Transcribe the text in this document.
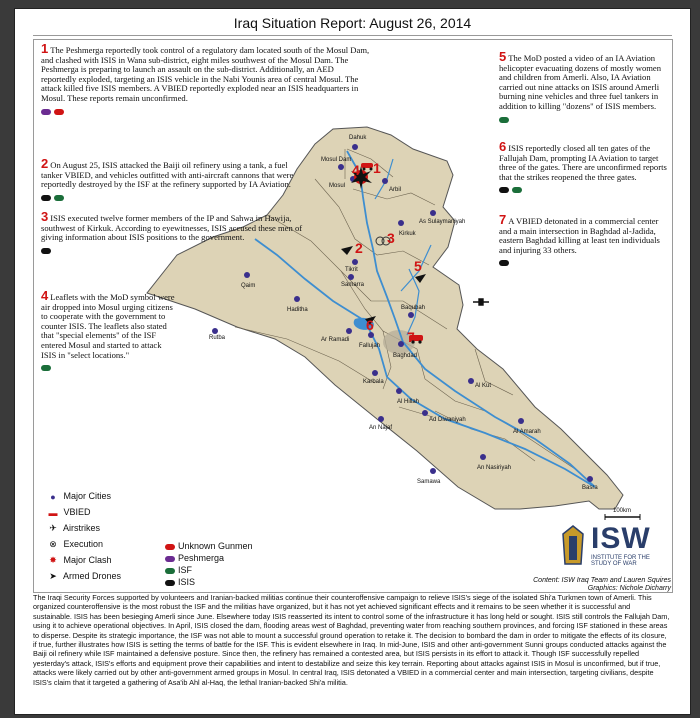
Iraq Situation Report: August 26, 2014
Dahuk
Mosul Dam
Mosul
Arbil
As Sulaymaniyah
Kirkuk
Tikrit
Samarra
Baqubah
Qaim
Haditha
Ar Ramadi
Fallujah
Baghdad
Rutba
Karbala
Al Hillah
Al Kut
An Najaf
Ad Diwaniyah
Al Amarah
Samawa
An Nasiriyah
Basra
1
2
3
4
5
6
7
100km
1 The Peshmerga reportedly took control of a regulatory dam located south of the Mosul Dam, and clashed with ISIS in Wana sub-district, eight miles southwest of the Mosul Dam. The Peshmerga is preparing to launch an assault on the sub-district. Additionally, an AED reportedly exploded, targeting an ISIS vehicle in the Nabi Younis area of central Mosul. The attack killed five ISIS members. A VBIED reportedly exploded near an ISIS headquarters in Mosul. These reports remain unconfirmed.
2 On August 25, ISIS attacked the Baiji oil refinery using a tank, a fuel tanker VBIED, and vehicles outfitted with anti-aircraft cannons that were reportedly destroyed by the ISF at the refinery supported by IA Aviation.
3 ISIS executed twelve former members of the IP and Sahwa in Hawija, southwest of Kirkuk. According to eyewitnesses, ISIS accused these men of giving information about ISIS positions to the government.
4 Leaflets with the MoD symbol were air dropped into Mosul urging citizens to cooperate with the government to counter ISIS. The leaflets also stated that "special elements" of the ISF entered Mosul and started to attack ISIS in "select locations."
5 The MoD posted a video of an IA Aviation helicopter evacuating dozens of mostly women and children from Amerli. Also, IA Aviation carried out nine attacks on ISIS around Amerli burning nine vehicles and three fuel tankers in addition to killing "dozens" of ISIS members.
6 ISIS reportedly closed all ten gates of the Fallujah Dam, prompting IA Aviation to target three of the gates. There are unconfirmed reports that the strikes reopened the three gates.
7 A VBIED detonated in a commercial center and a main intersection in Baghdad al-Jadida, eastern Baghdad killing at least ten individuals and injuring 33 others.
● Major Cities
▬ VBIED
✈ Airstrikes
⊗ Execution
✸ Major Clash
➤ Armed Drones
Unknown Gunmen
Peshmerga
ISF
ISIS
ISW
INSTITUTE FOR THE STUDY OF WAR
Content: ISW Iraq Team and Lauren Squires
Graphics: Nichole Dicharry
The Iraqi Security Forces supported by volunteers and Iranian-backed militias continue their counteroffensive campaign to relieve ISIS's siege of the isolated Shi'a Turkmen town of Amerli. This organized counteroffensive is the most robust the ISF and the militias have organized, but it has not yet achieved significant effects and it remains to be seen whether it is successful and sustainable. ISIS has been besieging Amerli since June. Elsewhere today ISIS reasserted its intent to control some of the infrastructure it has long held or sought. ISIS still controls the Fallujah Dam, using it to achieve operational objectives. In April, ISIS closed the dam, flooding areas west of Baghdad, preventing water from reaching southern provinces, and forcing ISF stationed in these areas to disperse. Despite its strategic importance, the ISF was not able to mount a successful ground operation to retake it. The decision to bombard the dam in order to mitigate the effects of its closure, if true, further illustrates how ISIS is setting the terms of battle for the ISF. This is evident elsewhere in Iraq. In mid-June, ISIS and other anti-government Sunni groups conducted attacks against the Baiji oil refinery while ISF maintained a defensive posture. Since then, the refinery has remained a contested area, but ISIS persists in its effort to attack it. Though ISF successfully repelled yesterday's attack, ISIS's efforts and equipment prove their capabilities and intent to destabilize and seize this key terrain. Reporting about attacks against ISIS in Mosul is unconfirmed, but if true, attacks were likely carried out by other anti-government armed groups in Mosul. In central Iraq, ISIS detonated a VBIED in a commercial center and main intersection, targeting civilians, despite ISIS's claim that it targeted a gathering of Asa'ib Ahl al-Haq, the lethal Iranian-backed Shi'a militia.
